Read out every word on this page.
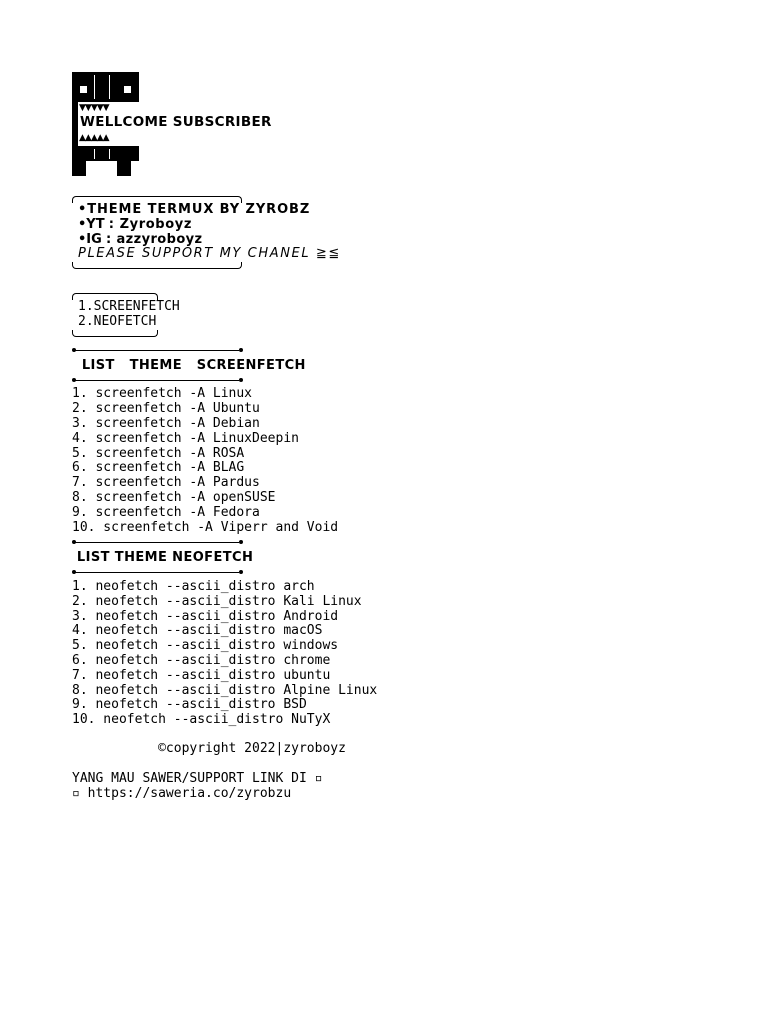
▼▼▼▼▼
WELLCOME SUBSCRIBER
▲▲▲▲▲
•THEME TERMUX BY ZYROBZ
•YT : Zyroboyz
•IG : azzyroboyz
PLEASE SUPPORT MY CHANEL ≧≦
1.SCREENFETCH
2.NEOFETCH
LIST   THEME   SCREENFETCH
1. screenfetch -A Linux
2. screenfetch -A Ubuntu
3. screenfetch -A Debian
4. screenfetch -A LinuxDeepin
5. screenfetch -A ROSA
6. screenfetch -A BLAG
7. screenfetch -A Pardus
8. screenfetch -A openSUSE
9. screenfetch -A Fedora
10. screenfetch -A Viperr and Void
LIST THEME NEOFETCH
1. neofetch --ascii_distro arch
2. neofetch --ascii_distro Kali Linux
3. neofetch --ascii_distro Android
4. neofetch --ascii_distro macOS
5. neofetch --ascii_distro windows
6. neofetch --ascii_distro chrome
7. neofetch --ascii_distro ubuntu
8. neofetch --ascii_distro Alpine Linux
9. neofetch --ascii_distro BSD
10. neofetch --ascii_distro NuTyX
©copyright 2022|zyroboyz
YANG MAU SAWER/SUPPORT LINK DI ▫
▫ https://saweria.co/zyrobzu
